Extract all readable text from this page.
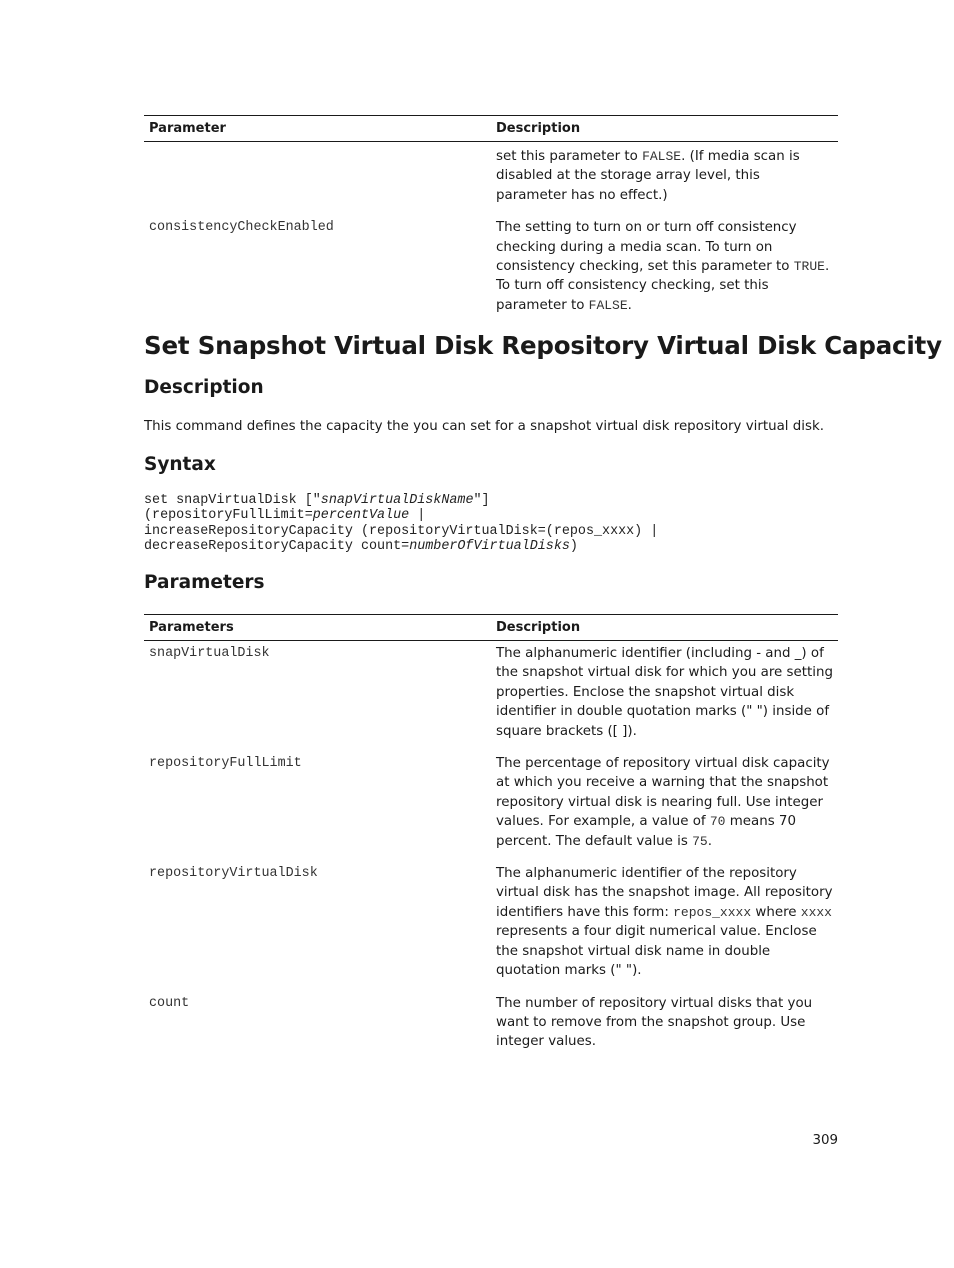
Parameter	Description
	set this parameter to FALSE. (If media scan is disabled at the storage array level, this parameter has no effect.)
consistencyCheckEnabled	The setting to turn on or turn off consistency checking during a media scan. To turn on consistency checking, set this parameter to TRUE. To turn off consistency checking, set this parameter to FALSE.
Set Snapshot Virtual Disk Repository Virtual Disk Capacity
Description

This command defines the capacity the you can set for a snapshot virtual disk repository virtual disk.

Syntax
set snapVirtualDisk ["snapVirtualDiskName"]
(repositoryFullLimit=percentValue |
increaseRepositoryCapacity (repositoryVirtualDisk=(repos_xxxx) |
decreaseRepositoryCapacity count=numberOfVirtualDisks)
Parameters
Parameters	Description
snapVirtualDisk	The alphanumeric identifier (including - and _) of the snapshot virtual disk for which you are setting properties. Enclose the snapshot virtual disk identifier in double quotation marks (" ") inside of square brackets ([ ]).
repositoryFullLimit	The percentage of repository virtual disk capacity at which you receive a warning that the snapshot repository virtual disk is nearing full. Use integer values. For example, a value of 70 means 70 percent. The default value is 75.
repositoryVirtualDisk	The alphanumeric identifier of the repository virtual disk has the snapshot image. All repository identifiers have this form: repos_xxxx where xxxx represents a four digit numerical value. Enclose the snapshot virtual disk name in double quotation marks (" ").
count	The number of repository virtual disks that you want to remove from the snapshot group. Use integer values.
309
